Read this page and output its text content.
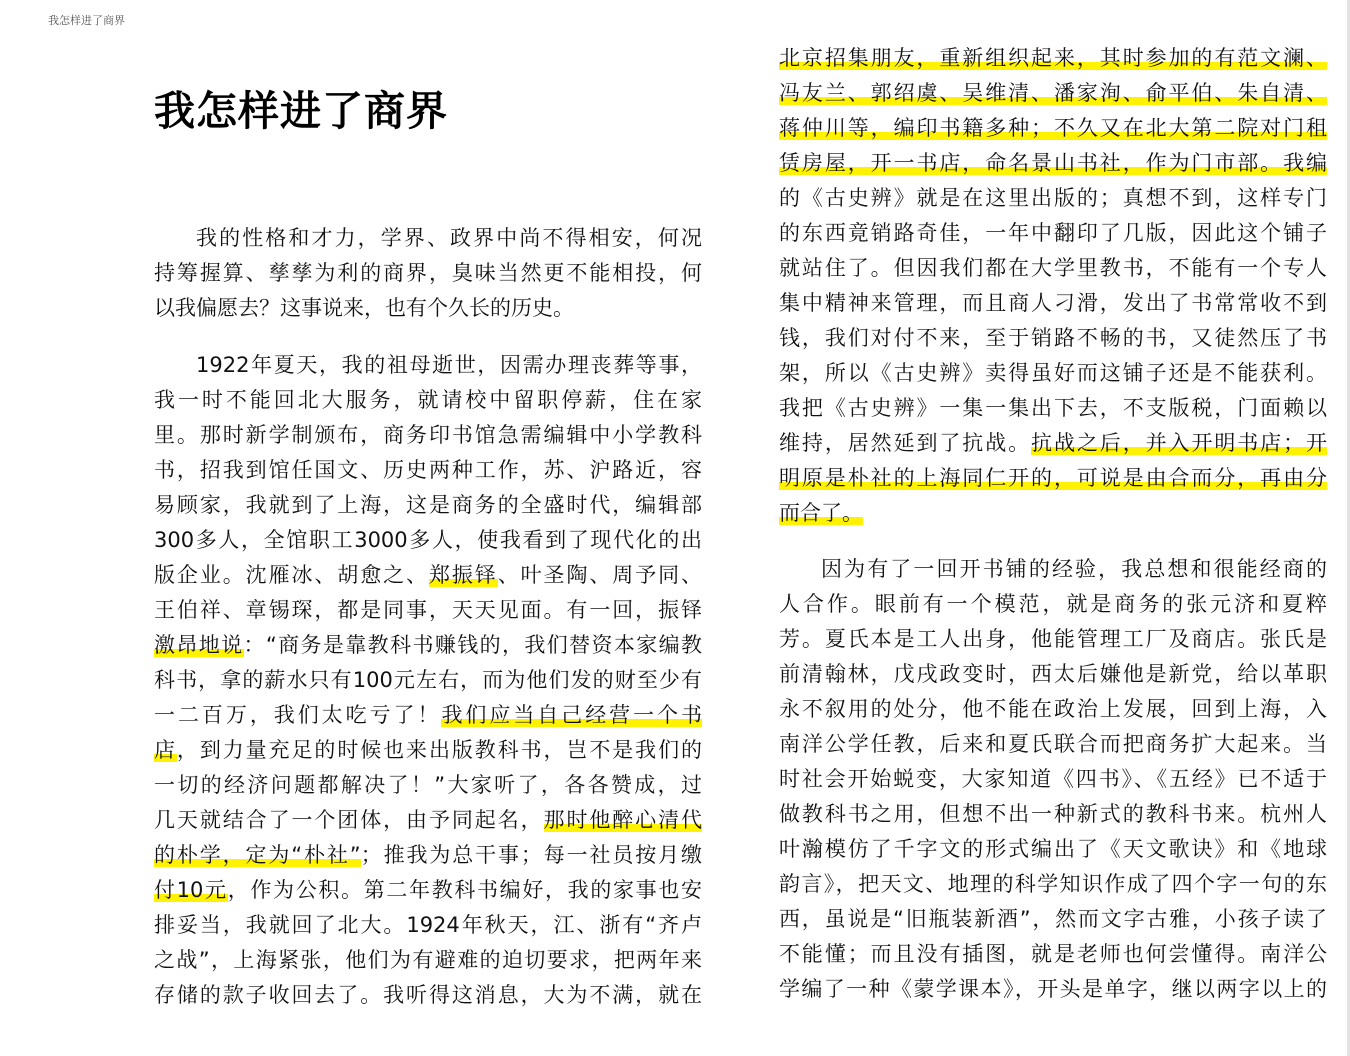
我怎样进了商界
我怎样进了商界
我的性格和才力，学界、政界中尚不得相安，何况
持筹握算、孳孳为利的商界，臭味当然更不能相投，何
以我偏愿去？这事说来，也有个久长的历史。
1922年夏天，我的祖母逝世，因需办理丧葬等事，
我一时不能回北大服务，就请校中留职停薪，住在家
里。那时新学制颁布，商务印书馆急需编辑中小学教科
书，招我到馆任国文、历史两种工作，苏、沪路近，容
易顾家，我就到了上海，这是商务的全盛时代，编辑部
300多人，全馆职工3000多人，使我看到了现代化的出
版企业。沈雁冰、胡愈之、郑振铎、叶圣陶、周予同、
王伯祥、章锡琛，都是同事，天天见面。有一回，振铎
激昂地说：“商务是靠教科书赚钱的，我们替资本家编教
科书，拿的薪水只有100元左右，而为他们发的财至少有
一二百万，我们太吃亏了！我们应当自己经营一个书
店，到力量充足的时候也来出版教科书，岂不是我们的
一切的经济问题都解决了！”大家听了，各各赞成，过
几天就结合了一个团体，由予同起名，那时他醉心清代
的朴学，定为“朴社”；推我为总干事；每一社员按月缴
付10元，作为公积。第二年教科书编好，我的家事也安
排妥当，我就回了北大。1924年秋天，江、浙有“齐卢
之战”，上海紧张，他们为有避难的迫切要求，把两年来
存储的款子收回去了。我听得这消息，大为不满，就在
北京招集朋友，重新组织起来，其时参加的有范文澜、
冯友兰、郭绍虞、吴维清、潘家洵、俞平伯、朱自清、
蒋仲川等，编印书籍多种；不久又在北大第二院对门租
赁房屋，开一书店，命名景山书社，作为门市部。我编
的《古史辨》就是在这里出版的；真想不到，这样专门
的东西竟销路奇佳，一年中翻印了几版，因此这个铺子
就站住了。但因我们都在大学里教书，不能有一个专人
集中精神来管理，而且商人刁滑，发出了书常常收不到
钱，我们对付不来，至于销路不畅的书，又徒然压了书
架，所以《古史辨》卖得虽好而这铺子还是不能获利。
我把《古史辨》一集一集出下去，不支版税，门面赖以
维持，居然延到了抗战。抗战之后，并入开明书店；开
明原是朴社的上海同仁开的，可说是由合而分，再由分
而合了。
因为有了一回开书铺的经验，我总想和很能经商的
人合作。眼前有一个模范，就是商务的张元济和夏粹
芳。夏氏本是工人出身，他能管理工厂及商店。张氏是
前清翰林，戊戌政变时，西太后嫌他是新党，给以革职
永不叙用的处分，他不能在政治上发展，回到上海，入
南洋公学任教，后来和夏氏联合而把商务扩大起来。当
时社会开始蜕变，大家知道《四书》、《五经》已不适于
做教科书之用，但想不出一种新式的教科书来。杭州人
叶瀚模仿了千字文的形式编出了《天文歌诀》和《地球
韵言》，把天文、地理的科学知识作成了四个字一句的东
西，虽说是“旧瓶装新酒”，然而文字古雅，小孩子读了
不能懂；而且没有插图，就是老师也何尝懂得。南洋公
学编了一种《蒙学课本》，开头是单字，继以两字以上的
